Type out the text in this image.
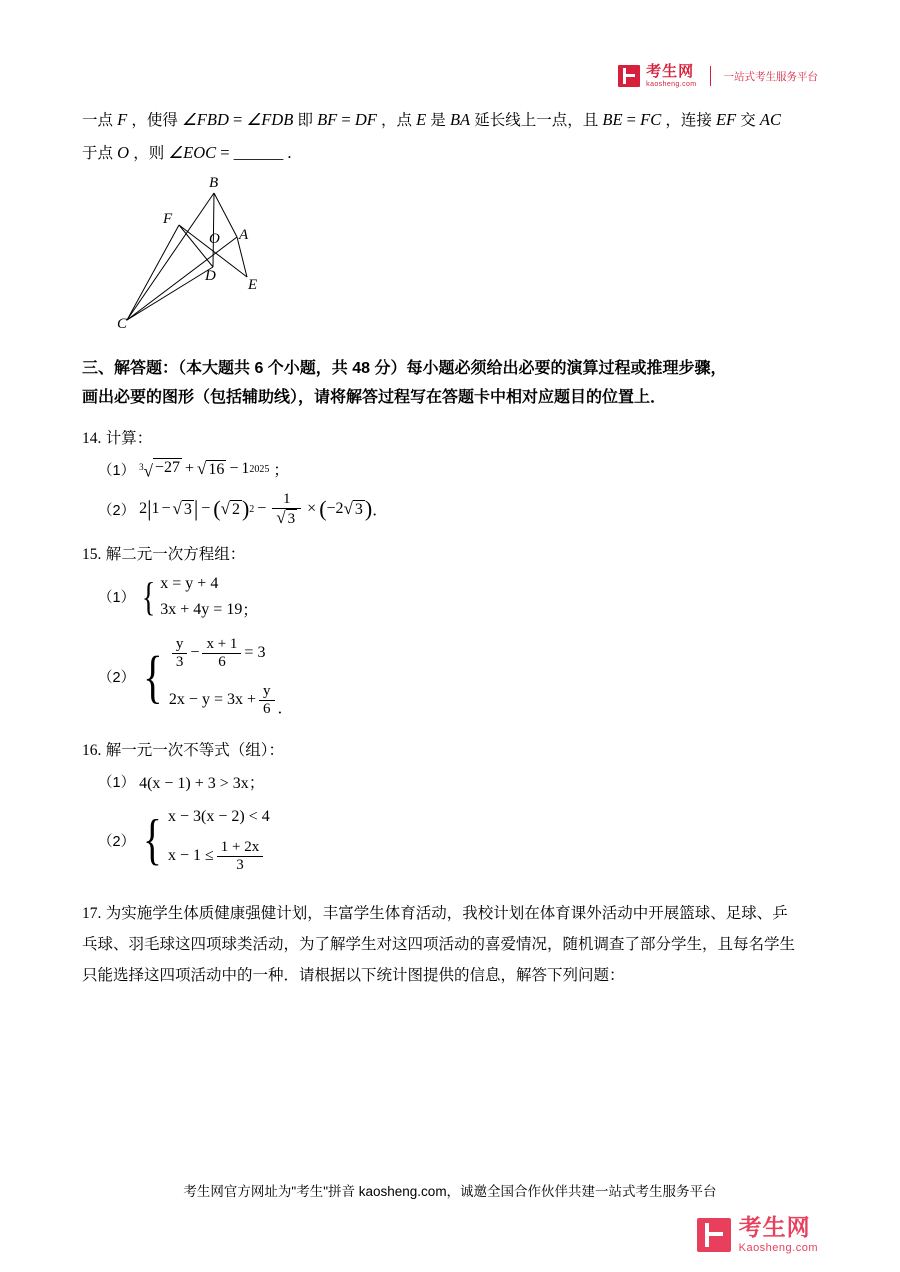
考生网
kaosheng.com
一站式考生服务平台
一点 F ，使得 ∠FBD = ∠FDB 即 BF = DF ，点 E 是 BA 延长线上一点，且 BE = FC ，连接 EF 交 AC
于点 O ，则 ∠EOC = ______ .
B
F
O A
D
E
C
三、解答题：（本大题共 6 个小题，共 48 分）每小题必须给出必要的演算过程或推理步骤，
画出必要的图形（包括辅助线），请将解答过程写在答题卡中相对应题目的位置上．
14. 计算：
（1） $^3$√ −27 + √ 16 − 1 2025 ；
（2） 2 | 1 − √ 3 | − ( √ 2 ) $2 - \frac{1}{√ 3}$ × ( −2 √ 3 ) ．
15. 解二元一次方程组：
（1） { x = y + 4
3x + 4y = 19 ；
（2） { $\frac{y}{3} - \frac{x + 1}{6} = 3$
$2x - y = 3x + \frac{y}{6}$ ．
16. 解一元一次不等式（组）：
（1） 4(x − 1) + 3 > 3x；
（2） { x − 3(x − 2) < 4
$x - 1 \le \frac{1 + 2x}{3}$
17. 为实施学生体质健康强健计划，丰富学生体育活动，我校计划在体育课外活动中开展篮球、足球、乒
乓球、羽毛球这四项球类活动，为了解学生对这四项活动的喜爱情况，随机调查了部分学生，且每名学生
只能选择这四项活动中的一种．请根据以下统计图提供的信息，解答下列问题：
考生网官方网址为"考生"拼音 kaosheng.com，诚邀全国合作伙伴共建一站式考生服务平台
考生网
Kaosheng.com
